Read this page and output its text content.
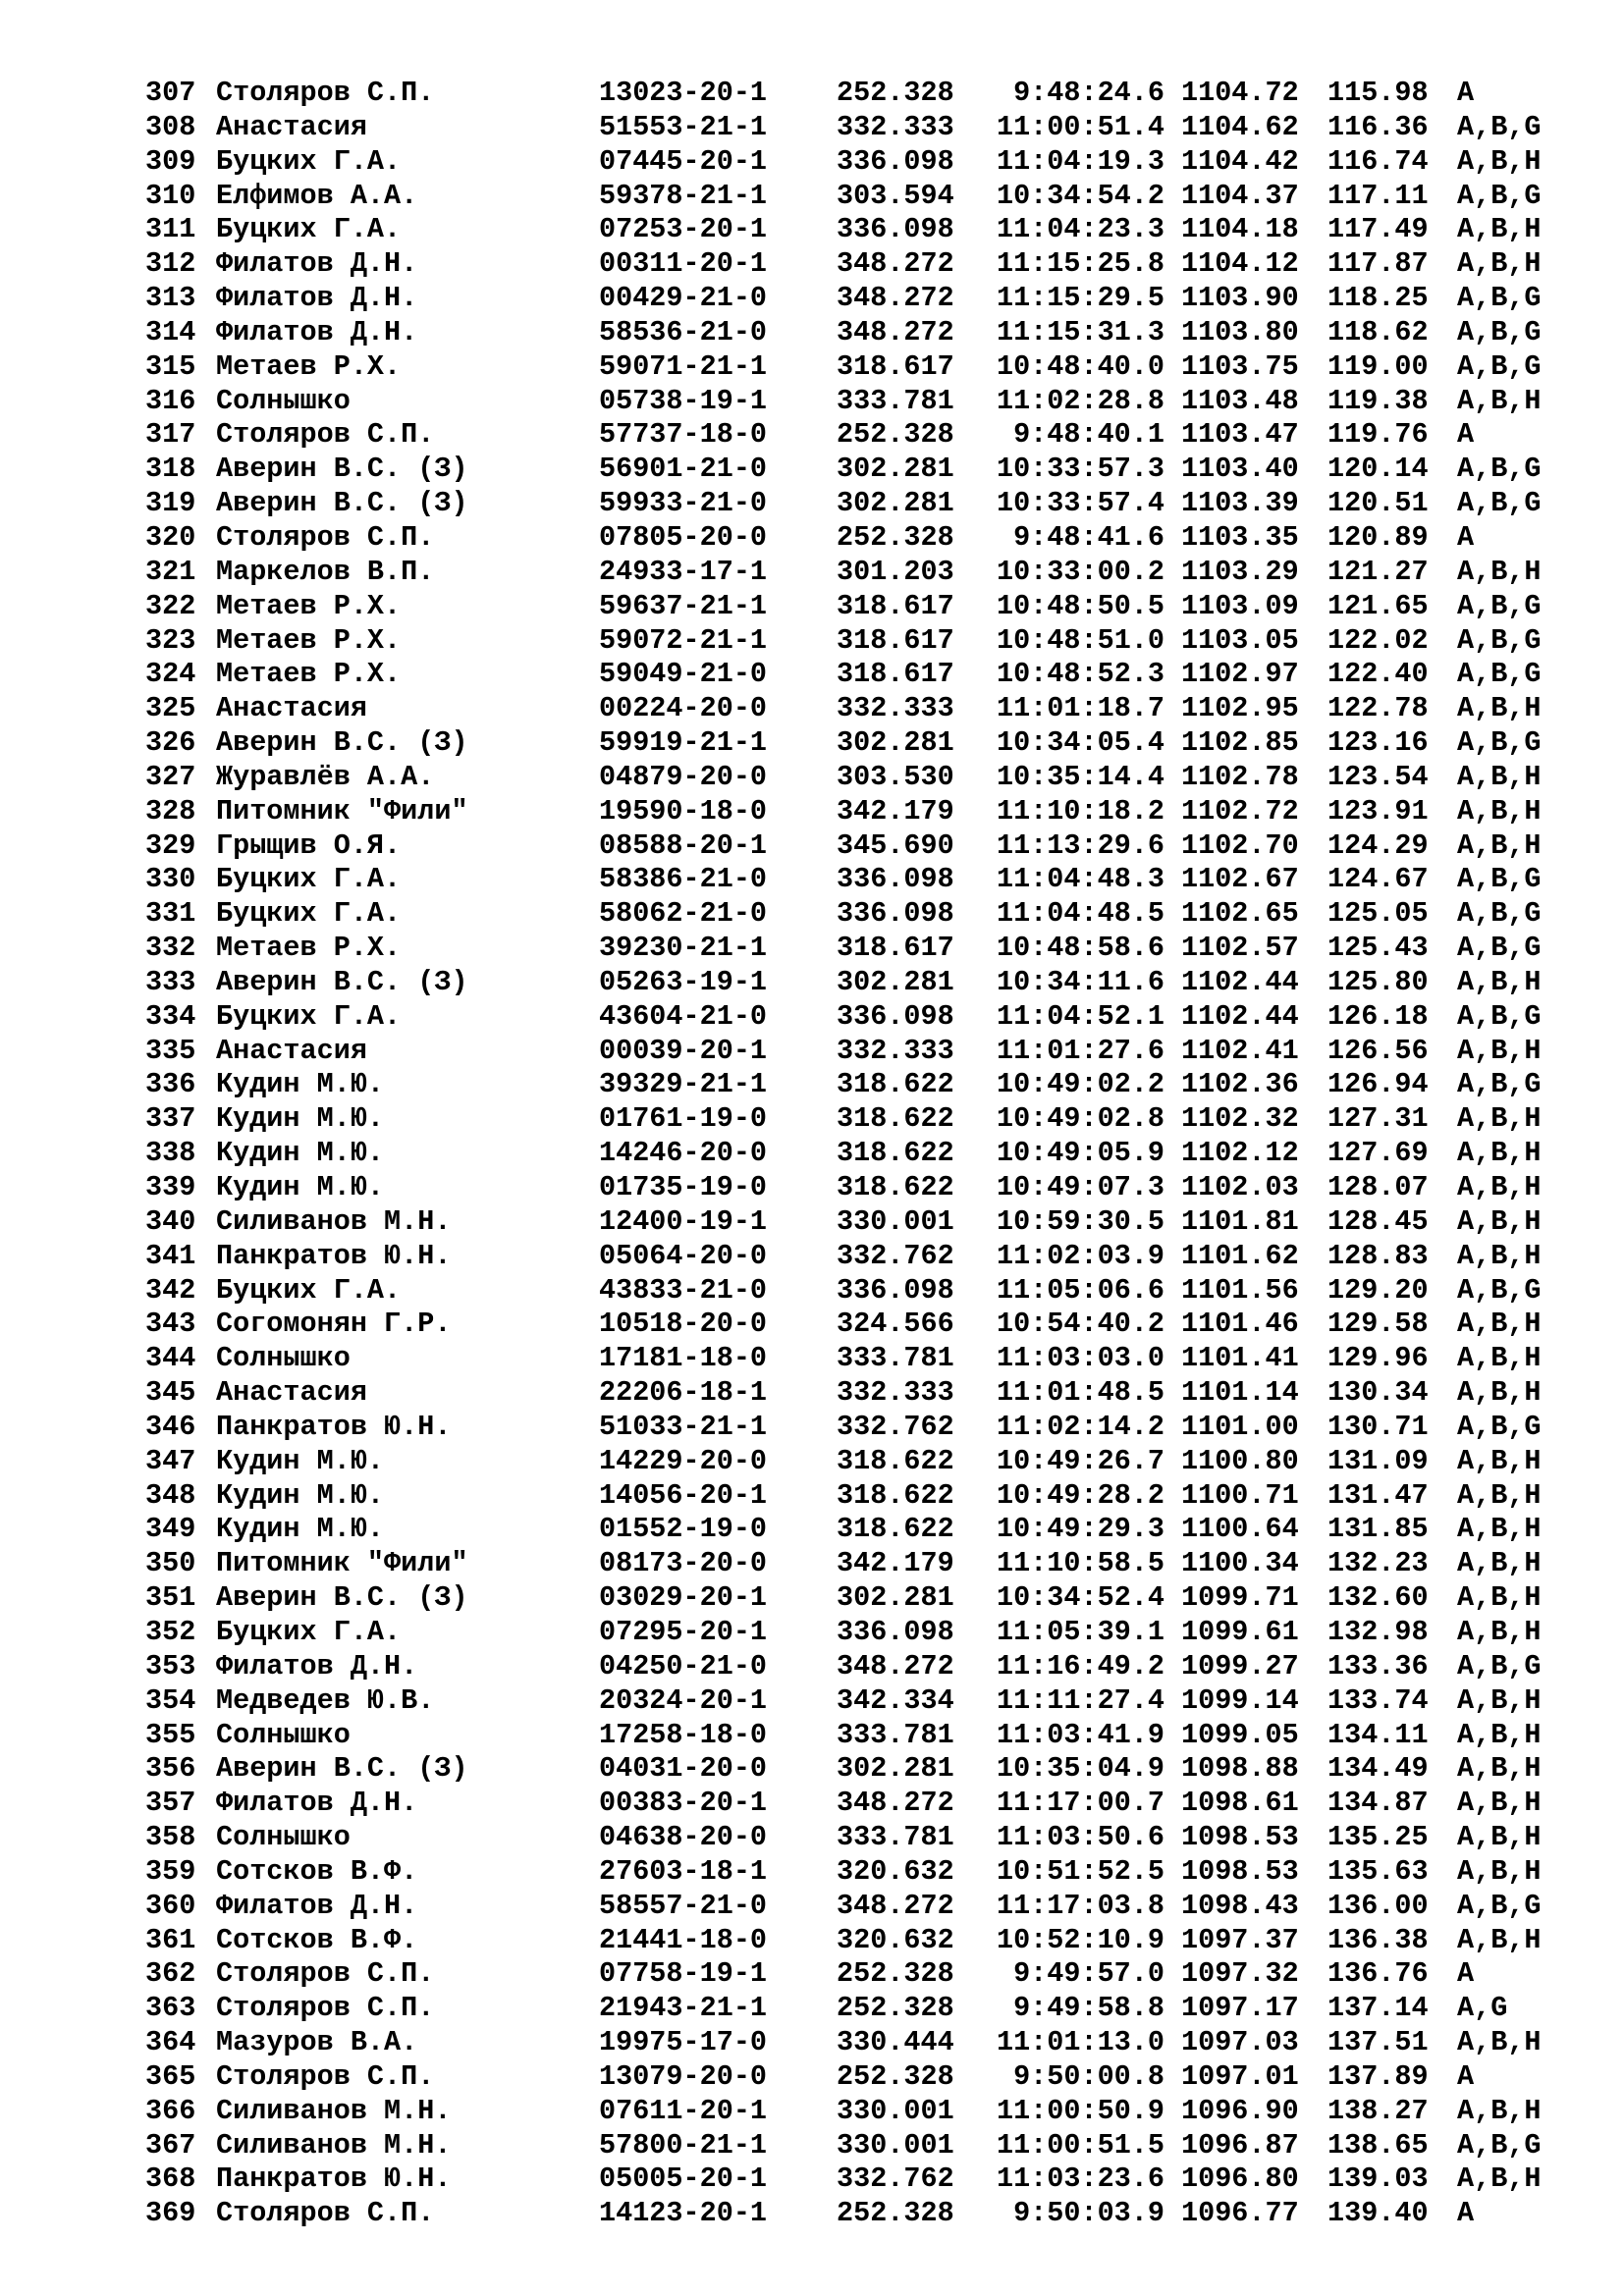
307 Столяров С.П.	13023-20-1 252.328	9:48:24.6 1104.72 115.98 A
308 Анастасия	51553-21-1 332.333	11:00:51.4 1104.62 116.36 A,B,G
309 Буцких Г.А.	07445-20-1 336.098	11:04:19.3 1104.42 116.74 A,B,H
310 Елфимов А.А.	59378-21-1 303.594	10:34:54.2 1104.37 117.11 A,B,G
311 Буцких Г.А.	07253-20-1 336.098	11:04:23.3 1104.18 117.49 A,B,H
312 Филатов Д.Н.	00311-20-1 348.272	11:15:25.8 1104.12 117.87 A,B,H
313 Филатов Д.Н.	00429-21-0 348.272	11:15:29.5 1103.90 118.25 A,B,G
314 Филатов Д.Н.	58536-21-0 348.272	11:15:31.3 1103.80 118.62 A,B,G
315 Метаев Р.Х.	59071-21-1 318.617	10:48:40.0 1103.75 119.00 A,B,G
316 Солнышко	05738-19-1 333.781	11:02:28.8 1103.48 119.38 A,B,H
317 Столяров С.П.	57737-18-0 252.328	9:48:40.1 1103.47 119.76 A
318 Аверин В.С. (З)	56901-21-0 302.281	10:33:57.3 1103.40 120.14 A,B,G
319 Аверин В.С. (З)	59933-21-0 302.281	10:33:57.4 1103.39 120.51 A,B,G
320 Столяров С.П.	07805-20-0 252.328	9:48:41.6 1103.35 120.89 A
321 Маркелов В.П.	24933-17-1 301.203	10:33:00.2 1103.29 121.27 A,B,H
322 Метаев Р.Х.	59637-21-1 318.617	10:48:50.5 1103.09 121.65 A,B,G
323 Метаев Р.Х.	59072-21-1 318.617	10:48:51.0 1103.05 122.02 A,B,G
324 Метаев Р.Х.	59049-21-0 318.617	10:48:52.3 1102.97 122.40 A,B,G
325 Анастасия	00224-20-0 332.333	11:01:18.7 1102.95 122.78 A,B,H
326 Аверин В.С. (З)	59919-21-1 302.281	10:34:05.4 1102.85 123.16 A,B,G
327 Журавлёв А.А.	04879-20-0 303.530	10:35:14.4 1102.78 123.54 A,B,H
328 Питомник "Фили"	19590-18-0 342.179	11:10:18.2 1102.72 123.91 A,B,H
329 Грыщив О.Я.	08588-20-1 345.690	11:13:29.6 1102.70 124.29 A,B,H
330 Буцких Г.А.	58386-21-0 336.098	11:04:48.3 1102.67 124.67 A,B,G
331 Буцких Г.А.	58062-21-0 336.098	11:04:48.5 1102.65 125.05 A,B,G
332 Метаев Р.Х.	39230-21-1 318.617	10:48:58.6 1102.57 125.43 A,B,G
333 Аверин В.С. (З)	05263-19-1 302.281	10:34:11.6 1102.44 125.80 A,B,H
334 Буцких Г.А.	43604-21-0 336.098	11:04:52.1 1102.44 126.18 A,B,G
335 Анастасия	00039-20-1 332.333	11:01:27.6 1102.41 126.56 A,B,H
336 Кудин М.Ю.	39329-21-1 318.622	10:49:02.2 1102.36 126.94 A,B,G
337 Кудин М.Ю.	01761-19-0 318.622	10:49:02.8 1102.32 127.31 A,B,H
338 Кудин М.Ю.	14246-20-0 318.622	10:49:05.9 1102.12 127.69 A,B,H
339 Кудин М.Ю.	01735-19-0 318.622	10:49:07.3 1102.03 128.07 A,B,H
340 Силиванов М.Н.	12400-19-1 330.001	10:59:30.5 1101.81 128.45 A,B,H
341 Панкратов Ю.Н.	05064-20-0 332.762	11:02:03.9 1101.62 128.83 A,B,H
342 Буцких Г.А.	43833-21-0 336.098	11:05:06.6 1101.56 129.20 A,B,G
343 Согомонян Г.Р.	10518-20-0 324.566	10:54:40.2 1101.46 129.58 A,B,H
344 Солнышко	17181-18-0 333.781	11:03:03.0 1101.41 129.96 A,B,H
345 Анастасия	22206-18-1 332.333	11:01:48.5 1101.14 130.34 A,B,H
346 Панкратов Ю.Н.	51033-21-1 332.762	11:02:14.2 1101.00 130.71 A,B,G
347 Кудин М.Ю.	14229-20-0 318.622	10:49:26.7 1100.80 131.09 A,B,H
348 Кудин М.Ю.	14056-20-1 318.622	10:49:28.2 1100.71 131.47 A,B,H
349 Кудин М.Ю.	01552-19-0 318.622	10:49:29.3 1100.64 131.85 A,B,H
350 Питомник "Фили"	08173-20-0 342.179	11:10:58.5 1100.34 132.23 A,B,H
351 Аверин В.С. (З)	03029-20-1 302.281	10:34:52.4 1099.71 132.60 A,B,H
352 Буцких Г.А.	07295-20-1 336.098	11:05:39.1 1099.61 132.98 A,B,H
353 Филатов Д.Н.	04250-21-0 348.272	11:16:49.2 1099.27 133.36 A,B,G
354 Медведев Ю.В.	20324-20-1 342.334	11:11:27.4 1099.14 133.74 A,B,H
355 Солнышко	17258-18-0 333.781	11:03:41.9 1099.05 134.11 A,B,H
356 Аверин В.С. (З)	04031-20-0 302.281	10:35:04.9 1098.88 134.49 A,B,H
357 Филатов Д.Н.	00383-20-1 348.272	11:17:00.7 1098.61 134.87 A,B,H
358 Солнышко	04638-20-0 333.781	11:03:50.6 1098.53 135.25 A,B,H
359 Сотсков В.Ф.	27603-18-1 320.632	10:51:52.5 1098.53 135.63 A,B,H
360 Филатов Д.Н.	58557-21-0 348.272	11:17:03.8 1098.43 136.00 A,B,G
361 Сотсков В.Ф.	21441-18-0 320.632	10:52:10.9 1097.37 136.38 A,B,H
362 Столяров С.П.	07758-19-1 252.328	9:49:57.0 1097.32 136.76 A
363 Столяров С.П.	21943-21-1 252.328	9:49:58.8 1097.17 137.14 A,G
364 Мазуров В.А.	19975-17-0 330.444	11:01:13.0 1097.03 137.51 A,B,H
365 Столяров С.П.	13079-20-0 252.328	9:50:00.8 1097.01 137.89 A
366 Силиванов М.Н.	07611-20-1 330.001	11:00:50.9 1096.90 138.27 A,B,H
367 Силиванов М.Н.	57800-21-1 330.001	11:00:51.5 1096.87 138.65 A,B,G
368 Панкратов Ю.Н.	05005-20-1 332.762	11:03:23.6 1096.80 139.03 A,B,H
369 Столяров С.П.	14123-20-1 252.328	9:50:03.9 1096.77 139.40 A
